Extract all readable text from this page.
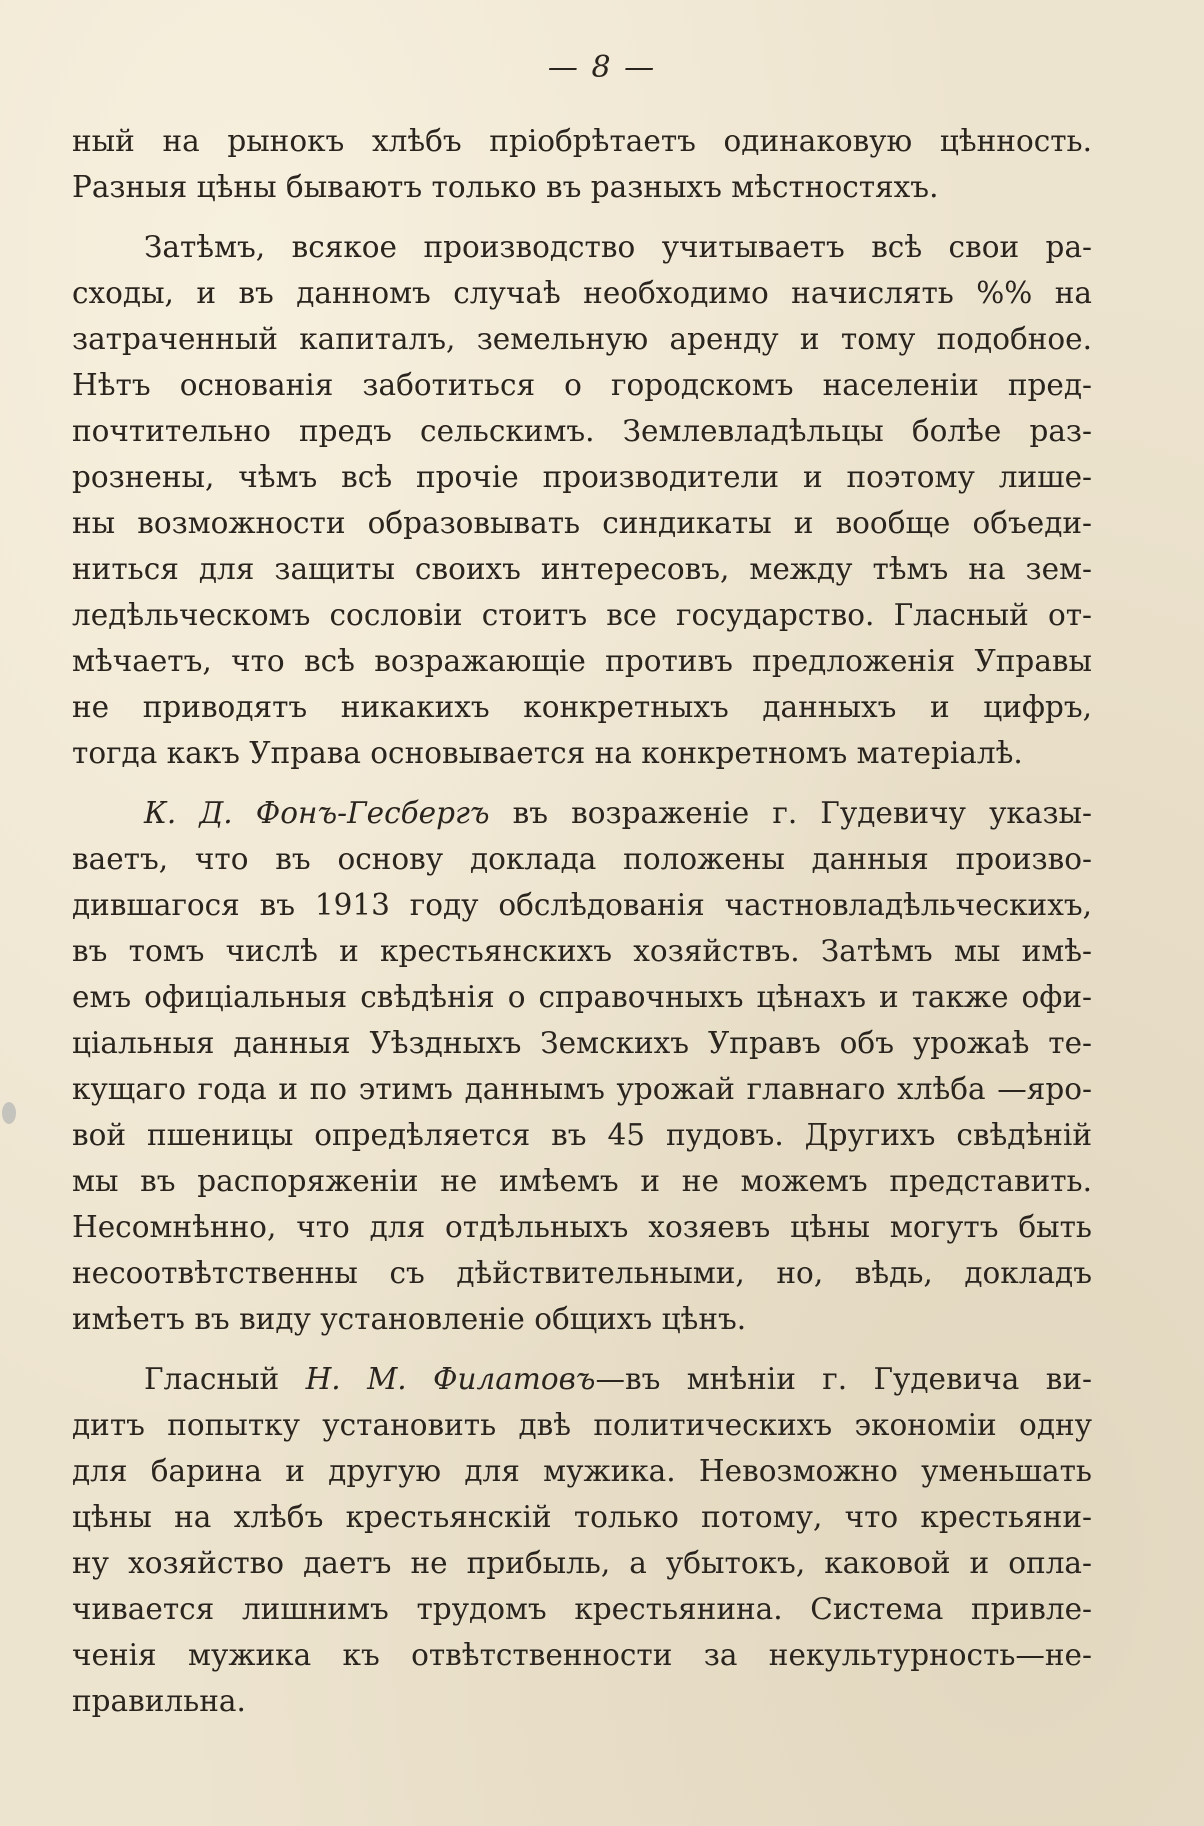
— 8 —
ный на рынокъ хлѣбъ пріобрѣтаетъ одинаковую цѣнность.
Разныя цѣны бываютъ только въ разныхъ мѣстностяхъ.
Затѣмъ, всякое производство учитываетъ всѣ свои ра-
сходы, и въ данномъ случаѣ необходимо начислять %% на
затраченный капиталъ, земельную аренду и тому подобное.
Нѣтъ основанія заботиться о городскомъ населеніи пред-
почтительно предъ сельскимъ. Землевладѣльцы болѣе раз-
рознены, чѣмъ всѣ прочіе производители и поэтому лише-
ны возможности образовывать синдикаты и вообще объеди-
ниться для защиты своихъ интересовъ, между тѣмъ на зем-
ледѣльческомъ сословіи стоитъ все государство. Гласный от-
мѣчаетъ, что всѣ возражающіе противъ предложенія Управы
не приводятъ никакихъ конкретныхъ данныхъ и цифръ,
тогда какъ Управа основывается на конкретномъ матеріалѣ.
К. Д. Фонъ-Гесбергъ въ возраженіе г. Гудевичу указы-
ваетъ, что въ основу доклада положены данныя произво-
дившагося въ 1913 году обслѣдованія частновладѣльческихъ,
въ томъ числѣ и крестьянскихъ хозяйствъ. Затѣмъ мы имѣ-
емъ офиціальныя свѣдѣнія о справочныхъ цѣнахъ и также офи-
ціальныя данныя Уѣздныхъ Земскихъ Управъ объ урожаѣ те-
кущаго года и по этимъ даннымъ урожай главнаго хлѣба —яро-
вой пшеницы опредѣляется въ 45 пудовъ. Другихъ свѣдѣній
мы въ распоряженіи не имѣемъ и не можемъ представить.
Несомнѣнно, что для отдѣльныхъ хозяевъ цѣны могутъ быть
несоотвѣтственны съ дѣйствительными, но, вѣдь, докладъ
имѣетъ въ виду установленіе общихъ цѣнъ.
Гласный Н. М. Филатовъ—въ мнѣніи г. Гудевича ви-
дитъ попытку установить двѣ политическихъ экономіи одну
для барина и другую для мужика. Невозможно уменьшать
цѣны на хлѣбъ крестьянскій только потому, что крестьяни-
ну хозяйство даетъ не прибыль, а убытокъ, каковой и опла-
чивается лишнимъ трудомъ крестьянина. Система привле-
ченія мужика къ отвѣтственности за некультурность—не-
правильна.
